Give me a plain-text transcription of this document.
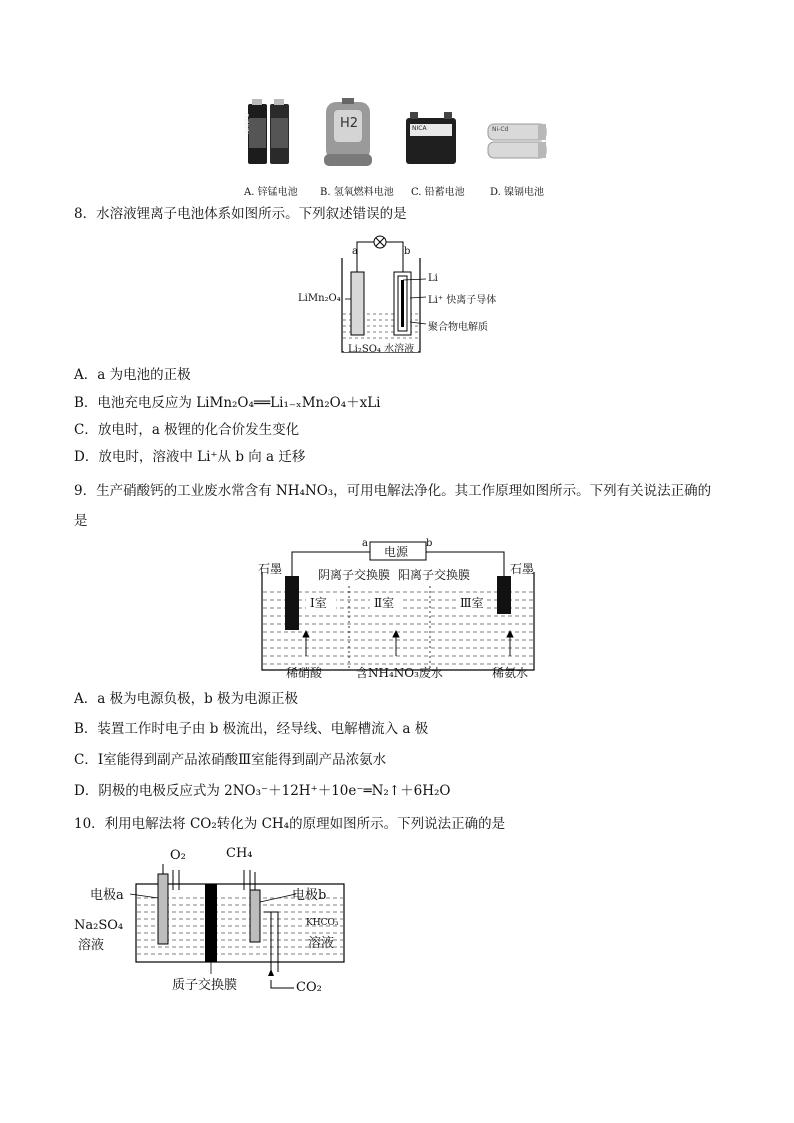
NANFU	H2	NICA	Ni-Cd
A. 锌锰电池 B. 氢氧燃料电池 C. 铅蓄电池	D. 镍镉电池
8．水溶液锂离子电池体系如图所示。下列叙述错误的是
a	b
LiMn₂O₄
Li
Li⁺ 快离子导体
聚合物电解质
Li₂SO₄ 水溶液
A．a 为电池的正极
B．电池充电反应为 LiMn₂O₄══Li₁₋ₓMn₂O₄＋xLi
C．放电时，a 极锂的化合价发生变化
D．放电时，溶液中 Li⁺从 b 向 a 迁移
9．生产硝酸钙的工业废水常含有 NH₄NO₃，可用电解法净化。其工作原理如图所示。下列有关说法正确的
是
a	b
电源
石墨	石墨
阴离子交换膜 阳离子交换膜
Ⅰ室	Ⅱ室	Ⅲ室
稀硝酸	含NH₄NO₃废水	稀氨水
A．a 极为电源负极，b 极为电源正极
B．装置工作时电子由 b 极流出，经导线、电解槽流入 a 极
C．Ⅰ室能得到副产品浓硝酸Ⅲ室能得到副产品浓氨水
D．阴极的电极反应式为 2NO₃⁻＋12H⁺＋10e⁻═N₂↑＋6H₂O
10．利用电解法将 CO₂转化为 CH₄的原理如图所示。下列说法正确的是
O₂	CH₄
电极a	电极b
Na₂SO₄
溶液
KHCO₃
溶液
质子交换膜	CO₂
